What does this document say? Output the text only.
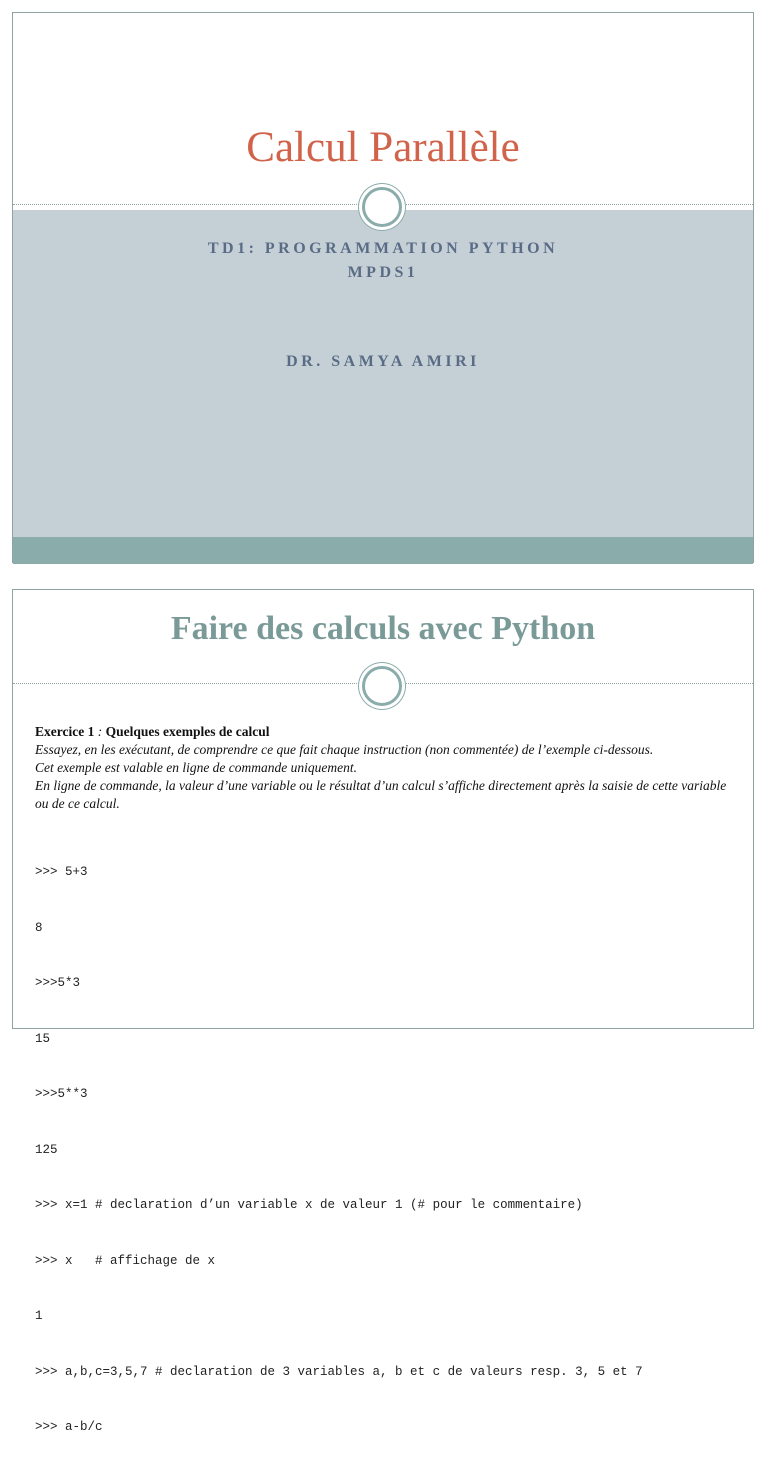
Calcul Parallèle
TD1: PROGRAMMATION PYTHON
MPDS1
DR. SAMYA AMIRI
Faire des calculs avec Python
Exercice 1 : Quelques exemples de calcul
Essayez, en les exécutant, de comprendre ce que fait chaque instruction (non commentée) de l’exemple ci-dessous.
Cet exemple est valable en ligne de commande uniquement.
En ligne de commande, la valeur d’une variable ou le résultat d’un calcul s’affiche directement après la saisie de cette variable ou de ce calcul.

>>> 5+3

8

>>>5*3

15

>>>5**3

125

>>> x=1 # declaration d’un variable x de valeur 1 (# pour le commentaire)

>>> x   # affichage de x

1

>>> a,b,c=3,5,7 # declaration de 3 variables a, b et c de valeurs resp. 3, 5 et 7

>>> a-b/c
